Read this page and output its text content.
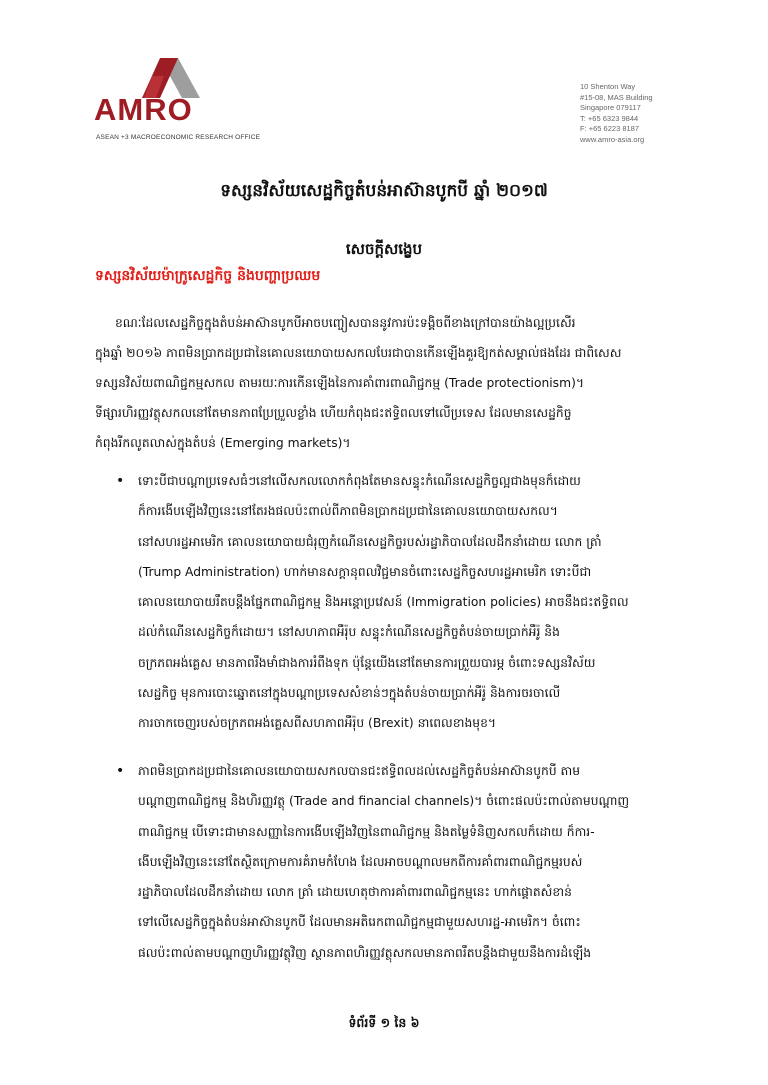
AMRO
ASEAN +3 MACROECONOMIC RESEARCH OFFICE
10 Shenton Way
#15-08, MAS Building
Singapore 079117
T: +65 6323 9844
F: +65 6223 8187
www.amro-asia.org
ទស្សនវិស័យសេដ្ឋកិច្ចតំបន់អាស៊ានបូកបី ឆ្នាំ ២០១៧
សេចក្តីសង្ខេប
ទស្សនវិស័យម៉ាក្រូសេដ្ឋកិច្ច និងបញ្ហាប្រឈម
ខណៈដែលសេដ្ឋកិច្ចក្នុងតំបន់អាស៊ានបូកបីអាចបញ្ចៀសបាននូវការប៉ះទង្គិចពីខាងក្រៅបានយ៉ាងល្អប្រសើរ
ក្នុងឆ្នាំ ២០១៦ ភាពមិនប្រាកដប្រជានៃគោលនយោបាយសកលបែរជាបានកើនឡើងគួរឱ្យកត់សម្គាល់ផងដែរ ជាពិសេស
ទស្សនវិស័យពាណិជ្ជកម្មសកល តាមរយៈការកើនឡើងនៃការគាំពារពាណិជ្ជកម្ម (Trade protectionism)។
ទីផ្សារហិរញ្ញវត្ថុសកលនៅតែមានភាពប្រែប្រួលខ្លាំង ហើយកំពុងជះឥទ្ធិពលទៅលើប្រទេស ដែលមានសេដ្ឋកិច្ច
កំពុងរីកលូតលាស់ក្នុងតំបន់ (Emerging markets)។
• ទោះបីជាបណ្តាប្រទេសធំៗនៅលើសកលលោកកំពុងតែមានសន្ទុះកំណើនសេដ្ឋកិច្ចល្អជាងមុនក៏ដោយ
ក៏ការងើបឡើងវិញនេះនៅតែរងផលប៉ះពាល់ពីភាពមិនប្រាកដប្រជានៃគោលនយោបាយសកល។
នៅសហរដ្ឋអាមេរិក គោលនយោបាយជំរុញកំណើនសេដ្ឋកិច្ចរបស់រដ្ឋាភិបាលដែលដឹកនាំដោយ លោក ត្រាំ
(Trump Administration) ហាក់មានសក្តានុពលវិជ្ជមានចំពោះសេដ្ឋកិច្ចសហរដ្ឋអាមេរិក ទោះបីជា
គោលនយោបាយរឹតបន្តឹងផ្នែកពាណិជ្ជកម្ម និងអន្តោប្រវេសន៍ (Immigration policies) អាចនឹងជះឥទ្ធិពល
ដល់កំណើនសេដ្ឋកិច្ចក៏ដោយ។ នៅសហភាពអឺរ៉ុប សន្ទុះកំណើនសេដ្ឋកិច្ចតំបន់ចាយប្រាក់អឺរ៉ូ និង
ចក្រភពអង់គ្លេស មានភាពរឹងមាំជាងការរំពឹងទុក ប៉ុន្តែយើងនៅតែមានការព្រួយបារម្ភ ចំពោះទស្សនវិស័យ
សេដ្ឋកិច្ច មុនការបោះឆ្នោតនៅក្នុងបណ្តាប្រទេសសំខាន់ៗក្នុងតំបន់ចាយប្រាក់អឺរ៉ូ និងការចរចាលើ
ការចាកចេញរបស់ចក្រភពអង់គ្លេសពីសហភាពអឺរ៉ុប (Brexit) នាពេលខាងមុខ។
• ភាពមិនប្រាកដប្រជានៃគោលនយោបាយសកលបានជះឥទ្ធិពលដល់សេដ្ឋកិច្ចតំបន់អាស៊ានបូកបី តាម
បណ្តាញពាណិជ្ជកម្ម និងហិរញ្ញវត្ថុ (Trade and financial channels)។ ចំពោះផលប៉ះពាល់តាមបណ្តាញ
ពាណិជ្ជកម្ម បើទោះជាមានសញ្ញានៃការងើបឡើងវិញនៃពាណិជ្ជកម្ម និងតម្លៃទំនិញសកលក៏ដោយ ក៏ការ-
ងើបឡើងវិញនេះនៅតែស្ថិតក្រោមការគំរាមកំហែង ដែលអាចបណ្តាលមកពីការគាំពារពាណិជ្ជកម្មរបស់
រដ្ឋាភិបាលដែលដឹកនាំដោយ លោក ត្រាំ ដោយហេតុថាការគាំពារពាណិជ្ជកម្មនេះ ហាក់ផ្តោតសំខាន់
ទៅលើសេដ្ឋកិច្ចក្នុងតំបន់អាស៊ានបូកបី ដែលមានអតិរេកពាណិជ្ជកម្មជាមួយសហរដ្ឋ-អាមេរិក។ ចំពោះ
ផលប៉ះពាល់តាមបណ្តាញហិរញ្ញវត្ថុវិញ ស្ថានភាពហិរញ្ញវត្ថុសកលមានភាពរឹតបន្តឹងជាមួយនឹងការដំឡើង
ទំព័រទី ១ នៃ ៦
